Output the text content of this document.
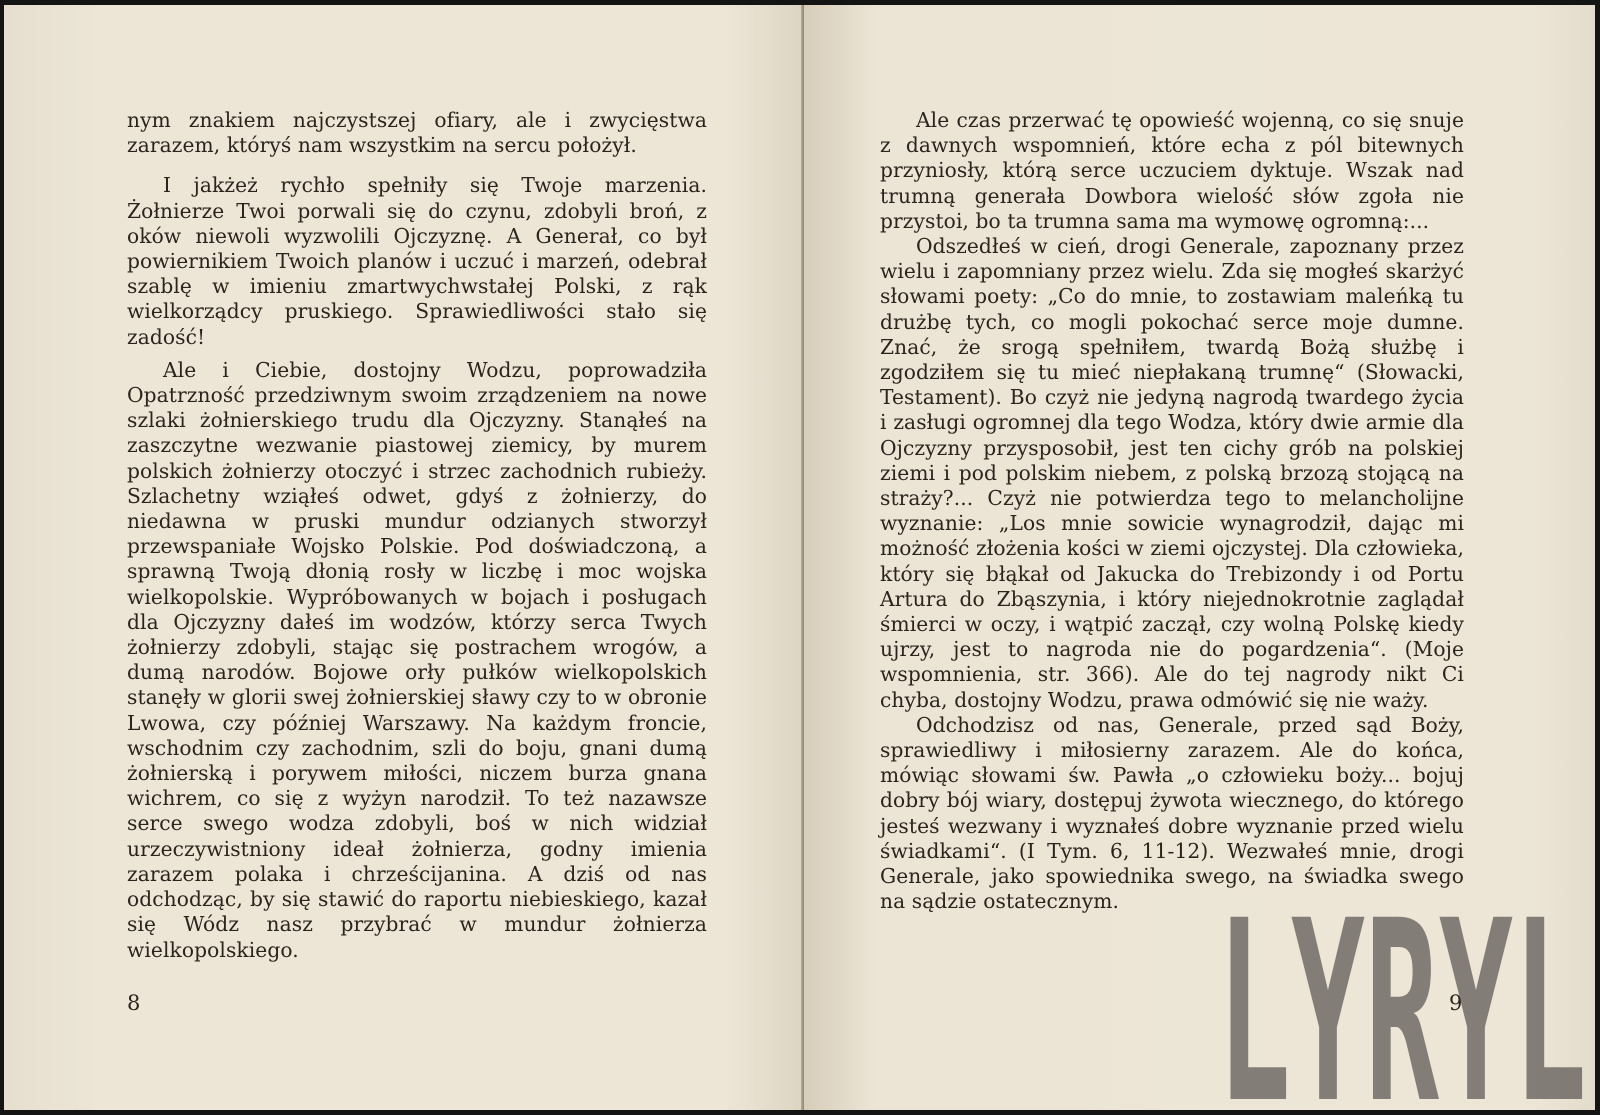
nym znakiem najczystszej ofiary, ale i zwycięstwa zarazem, któryś nam wszystkim na sercu położył.

I jakżeż rychło spełniły się Twoje marzenia. Żołnierze Twoi porwali się do czynu, zdobyli broń, z oków niewoli wyzwolili Ojczyznę. A Generał, co był powiernikiem Twoich planów i uczuć i marzeń, odebrał szablę w imieniu zmartwychwstałej Polski, z rąk wielkorządcy pruskiego. Sprawiedliwości stało się zadość!

Ale i Ciebie, dostojny Wodzu, poprowadziła Opatrzność przedziwnym swoim zrządzeniem na nowe szlaki żołnierskiego trudu dla Ojczyzny. Stanąłeś na zaszczytne wezwanie piastowej ziemicy, by murem polskich żołnierzy otoczyć i strzec zachodnich rubieży. Szlachetny wziąłeś odwet, gdyś z żołnierzy, do niedawna w pruski mundur odzianych stworzył przewspaniałe Wojsko Polskie. Pod doświadczoną, a sprawną Twoją dłonią rosły w liczbę i moc wojska wielkopolskie. Wypróbowanych w bojach i posługach dla Ojczyzny dałeś im wodzów, którzy serca Twych żołnierzy zdobyli, stając się postrachem wrogów, a dumą narodów. Bojowe orły pułków wielkopolskich stanęły w glorii swej żołnierskiej sławy czy to w obronie Lwowa, czy później Warszawy. Na każdym froncie, wschodnim czy zachodnim, szli do boju, gnani dumą żołnierską i porywem miłości, niczem burza gnana wichrem, co się z wyżyn narodził. To też nazawsze serce swego wodza zdobyli, boś w nich widział urzeczywistniony ideał żołnierza, godny imienia zarazem polaka i chrześcijanina. A dziś od nas odchodząc, by się stawić do raportu niebieskiego, kazał się Wódz nasz przybrać w mundur żołnierza wielkopolskiego.

8

Ale czas przerwać tę opowieść wojenną, co się snuje z dawnych wspomnień, które echa z pól bitewnych przyniosły, którą serce uczuciem dyktuje. Wszak nad trumną generała Dowbora wielość słów zgoła nie przystoi, bo ta trumna sama ma wymowę ogromną:...

Odszedłeś w cień, drogi Generale, zapoznany przez wielu i zapomniany przez wielu. Zda się mogłeś skarżyć słowami poety: „Co do mnie, to zostawiam maleńką tu drużbę tych, co mogli pokochać serce moje dumne. Znać, że srogą spełniłem, twardą Bożą służbę i zgodziłem się tu mieć niepłakaną trumnę“ (Słowacki, Testament). Bo czyż nie jedyną nagrodą twardego życia i zasługi ogromnej dla tego Wodza, który dwie armie dla Ojczyzny przysposobił, jest ten cichy grób na polskiej ziemi i pod polskim niebem, z polską brzozą stojącą na straży?... Czyż nie potwierdza tego to melancholijne wyznanie: „Los mnie sowicie wynagrodził, dając mi możność złożenia kości w ziemi ojczystej. Dla człowieka, który się błąkał od Jakucka do Trebizondy i od Portu Artura do Zbąszynia, i który niejednokrotnie zaglądał śmierci w oczy, i wątpić zaczął, czy wolną Polskę kiedy ujrzy, jest to nagroda nie do pogardzenia“. (Moje wspomnienia, str. 366). Ale do tej nagrody nikt Ci chyba, dostojny Wodzu, prawa odmówić się nie waży.

Odchodzisz od nas, Generale, przed sąd Boży, sprawiedliwy i miłosierny zarazem. Ale do końca, mówiąc słowami św. Pawła „o człowieku boży... bojuj dobry bój wiary, dostępuj żywota wiecznego, do którego jesteś wezwany i wyznałeś dobre wyznanie przed wielu świadkami“. (I Tym. 6, 11-12). Wezwałeś mnie, drogi Generale, jako spowiednika swego, na świadka swego na sądzie ostatecznym.

9
LYRYL
